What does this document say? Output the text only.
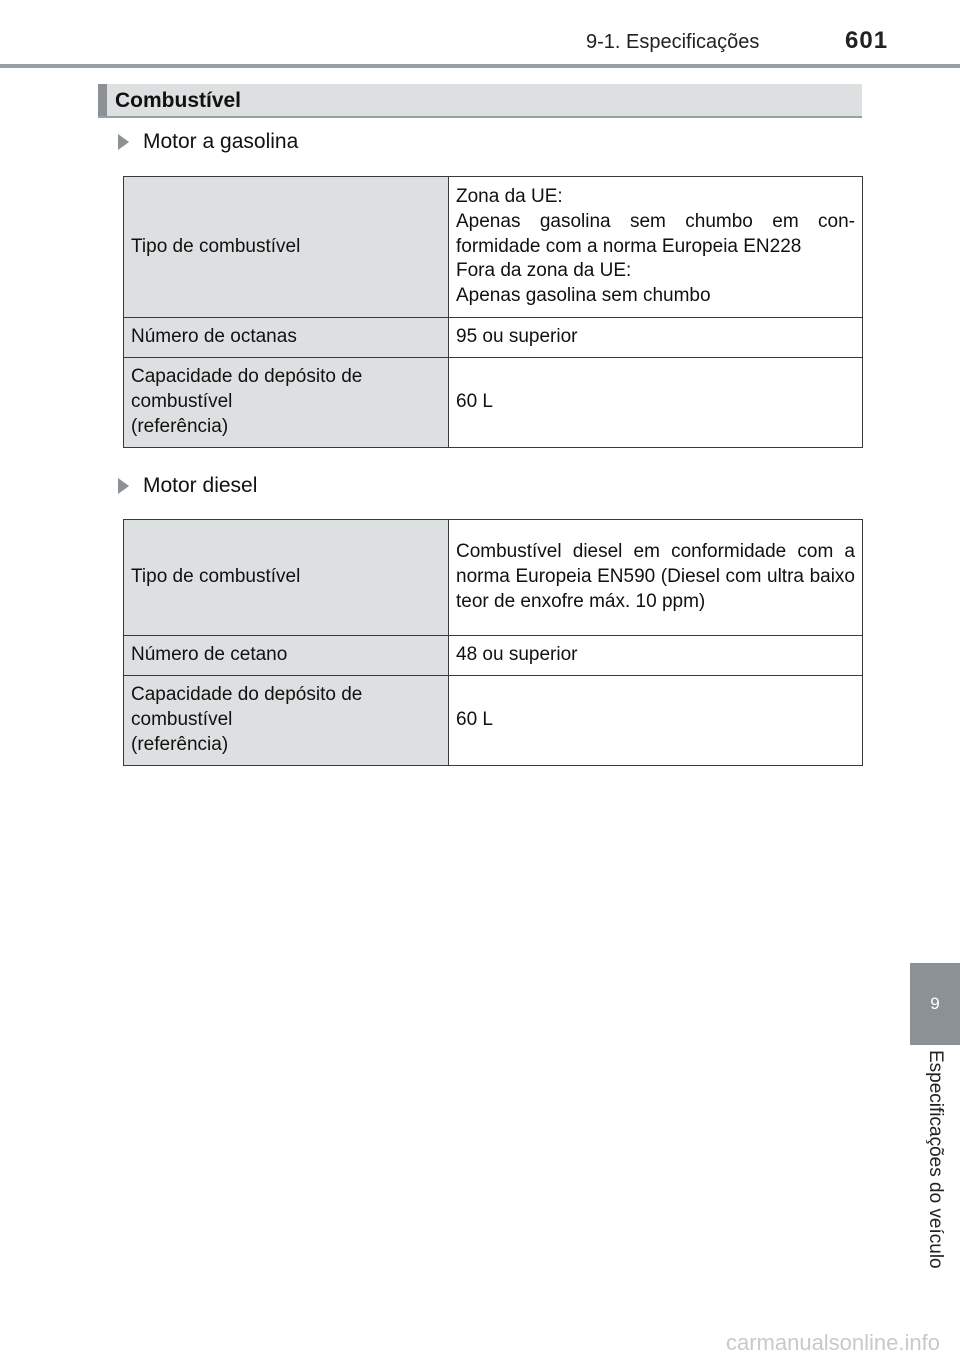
9-1. Especificações	601
Combustível
Motor a gasolina
Tipo de combustível	Zona da UE:
Apenas gasolina sem chumbo em con-
formidade com a norma Europeia EN228
Fora da zona da UE:
Apenas gasolina sem chumbo

Número de octanas	95 ou superior

Capacidade do depósito de combustível
(referência)	60 L
Motor diesel
Tipo de combustível	Combustível diesel em conformidade com a norma Europeia EN590 (Diesel com ultra baixo teor de enxofre máx. 10 ppm)
Número de cetano	48 ou superior

Capacidade do depósito de combustível
(referência)	60 L
9
Especificações do veículo
carmanualsonline.info
